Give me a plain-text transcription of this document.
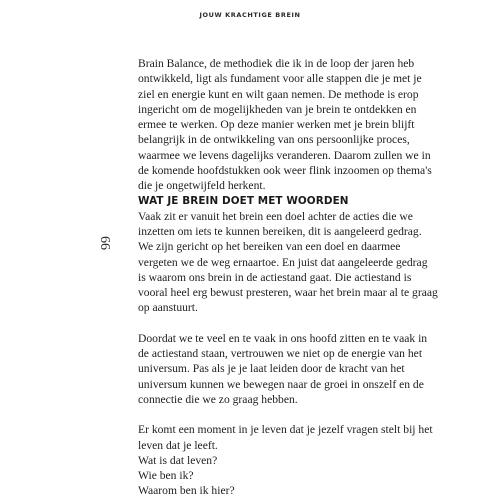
JOUW KRACHTIGE BREIN
66

Brain Balance, de methodiek die ik in de loop der jaren heb ontwikkeld, ligt als fundament voor alle stappen die je met je ziel en energie kunt en wilt gaan nemen. De methode is erop ingericht om de mogelijkheden van je brein te ontdekken en ermee te werken. Op deze manier werken met je brein blijft belangrijk in de ontwikkeling van ons persoonlijke proces, waarmee we levens dagelijks veranderen. Daarom zullen we in de komende hoofdstukken ook weer flink inzoomen op thema's die je ongetwijfeld herkent.

WAT JE BREIN DOET MET WOORDEN

Vaak zit er vanuit het brein een doel achter de acties die we inzetten om iets te kunnen bereiken, dit is aangeleerd gedrag. We zijn gericht op het bereiken van een doel en daarmee vergeten we de weg ernaartoe. En juist dat aangeleerde gedrag is waarom ons brein in de actiestand gaat. Die actiestand is vooral heel erg bewust presteren, waar het brein maar al te graag op aanstuurt.

Doordat we te veel en te vaak in ons hoofd zitten en te vaak in de actiestand staan, vertrouwen we niet op de energie van het universum. Pas als je je laat leiden door de kracht van het universum kunnen we bewegen naar de groei in onszelf en de connectie die we zo graag hebben.

Er komt een moment in je leven dat je jezelf vragen stelt bij het leven dat je leeft.

Wat is dat leven?

Wie ben ik?

Waarom ben ik hier?
